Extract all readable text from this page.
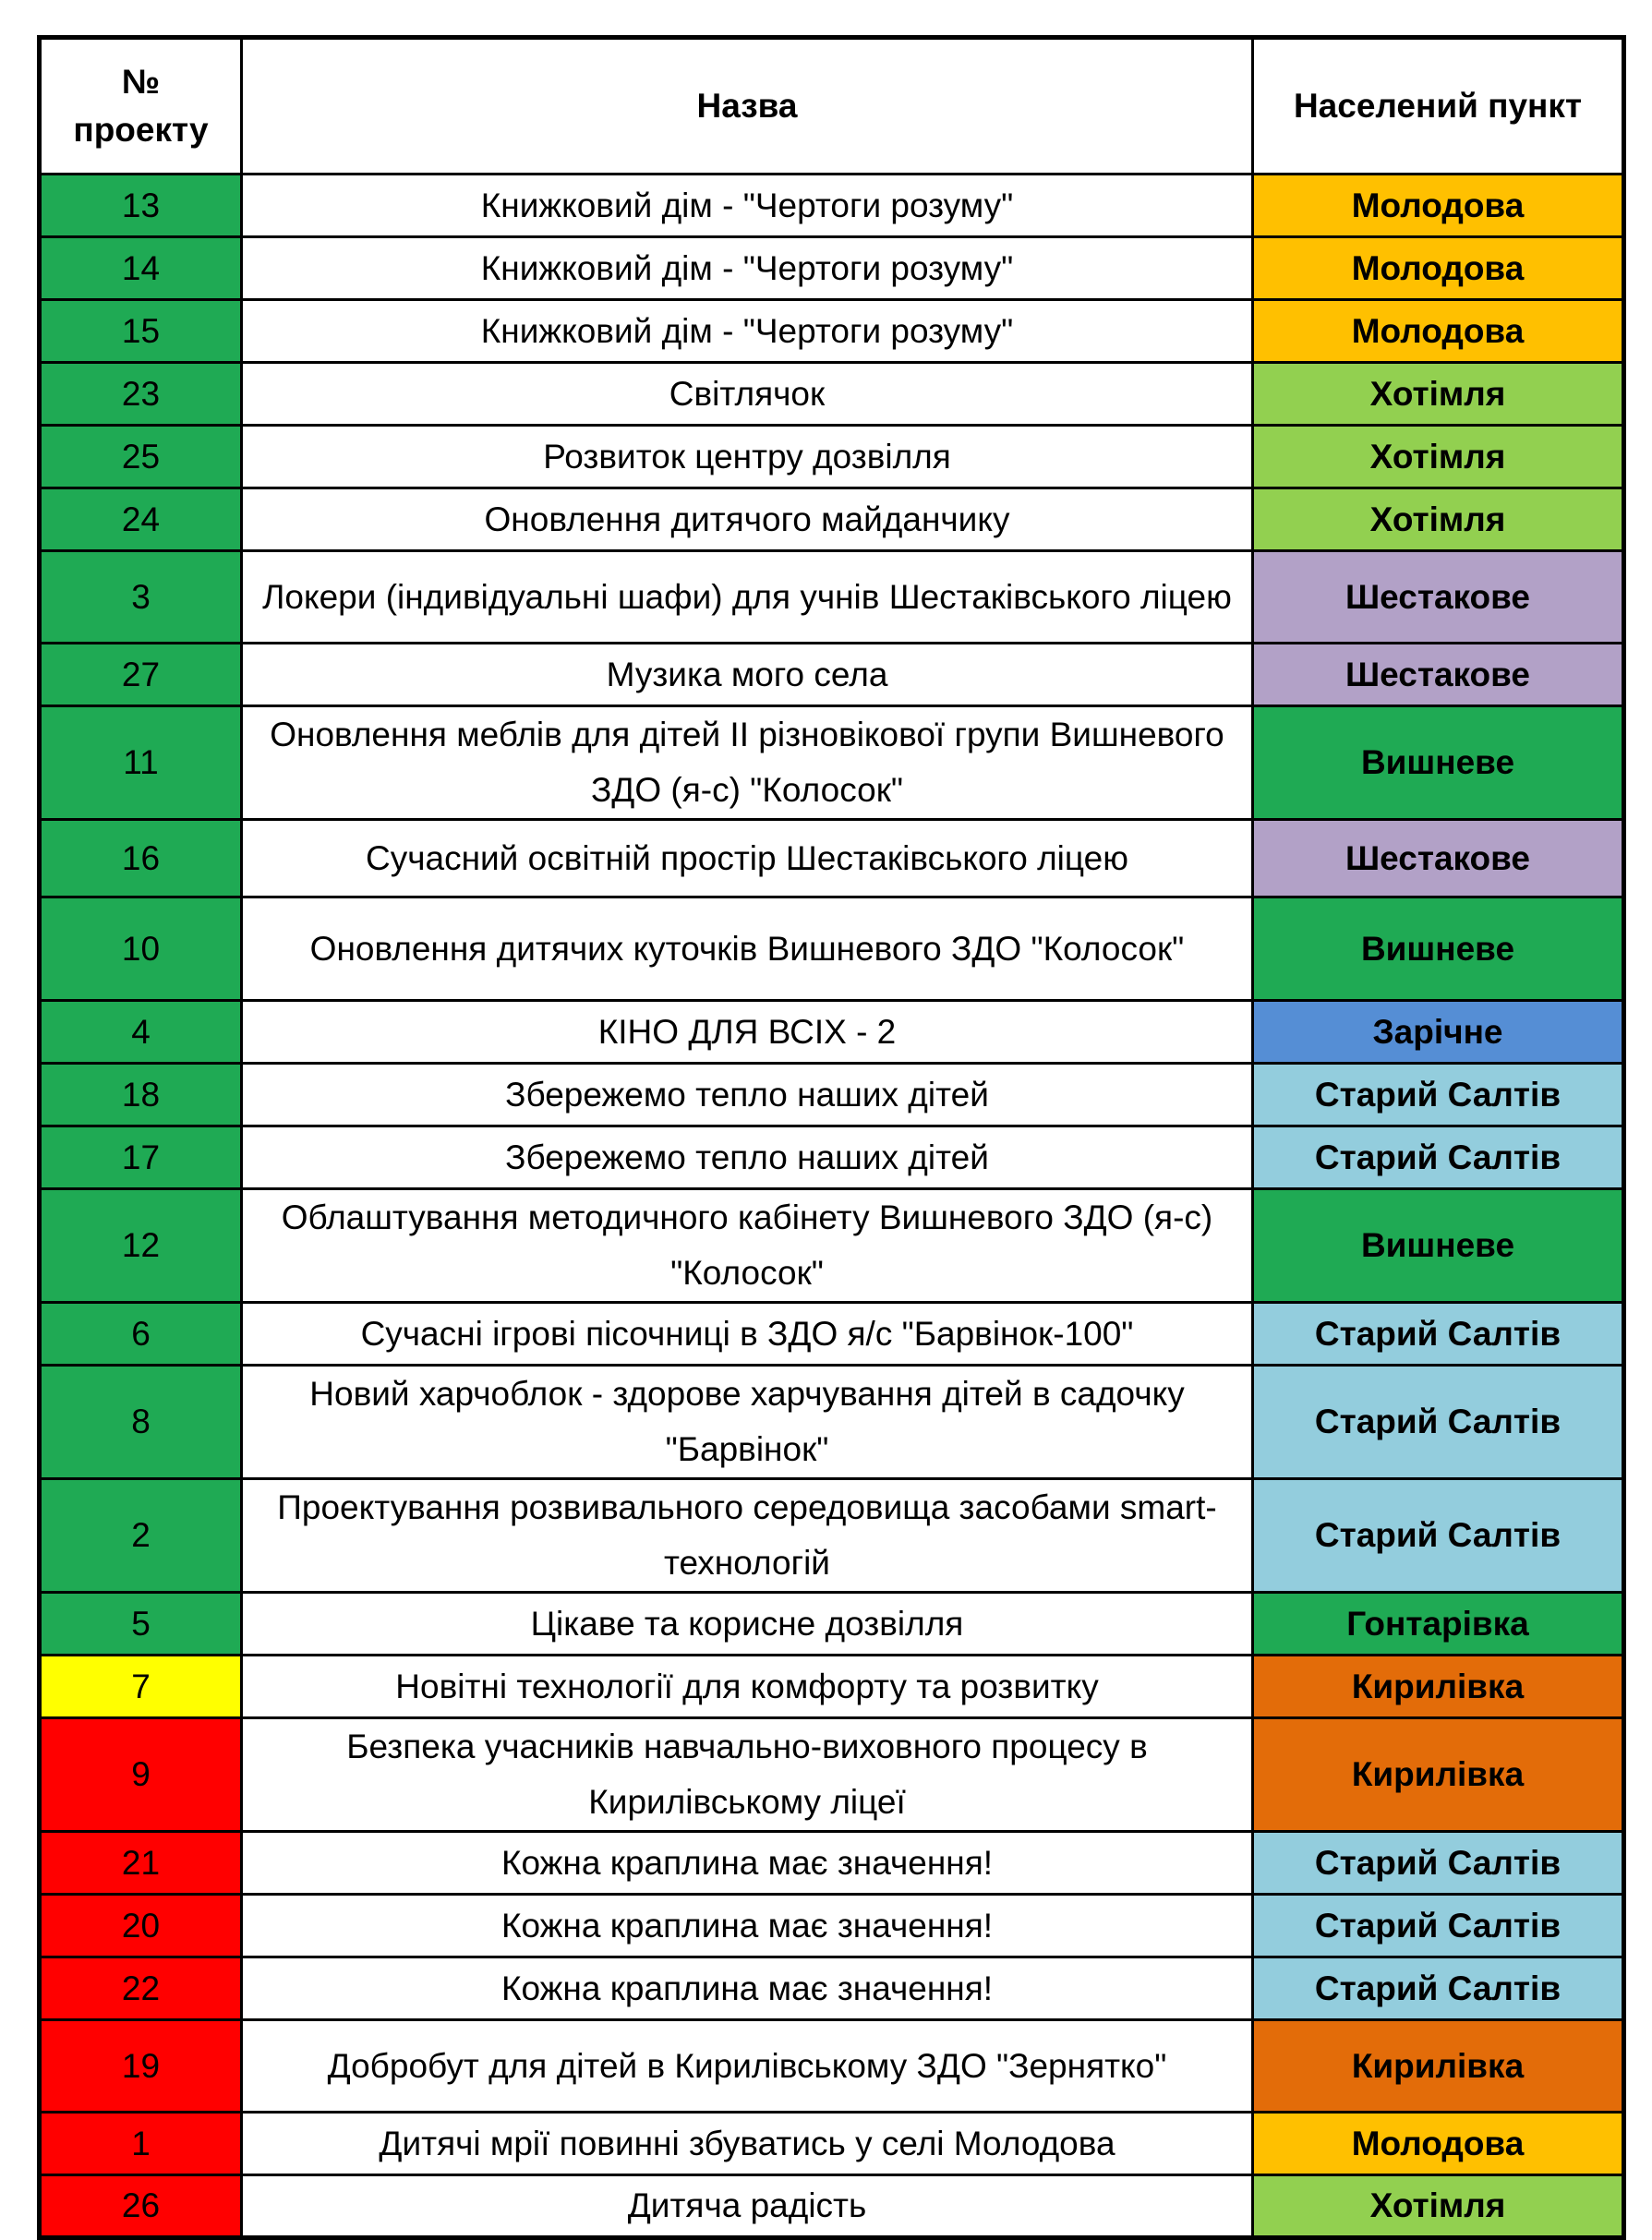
№ проекту	Назва	Населений пункт
13	Книжковий дім - "Чертоги розуму"	Молодова
14	Книжковий дім - "Чертоги розуму"	Молодова
15	Книжковий дім - "Чертоги розуму"	Молодова
23	Світлячок	Хотімля
25	Розвиток центру дозвілля	Хотімля
24	Оновлення дитячого майданчику	Хотімля
3	Локери (індивідуальні шафи) для учнів Шестаківського ліцею	Шестакове
27	Музика мого села	Шестакове
11	Оновлення меблів для дітей ІІ різновікової групи Вишневого ЗДО (я-с) "Колосок"	Вишневе
16	Сучасний освітній простір Шестаківського ліцею	Шестакове
10	Оновлення дитячих куточків Вишневого ЗДО "Колосок"	Вишневе
4	КІНО ДЛЯ ВСІХ - 2	Зарічне
18	Збережемо тепло наших дітей	Старий Салтів
17	Збережемо тепло наших дітей	Старий Салтів
12	Облаштування методичного кабінету Вишневого ЗДО (я-с) "Колосок"	Вишневе
6	Сучасні ігрові пісочниці в ЗДО я/с "Барвінок-100"	Старий Салтів
8	Новий харчоблок - здорове харчування дітей в садочку "Барвінок"	Старий Салтів
2	Проектування розвивального середовища засобами smart-технологій	Старий Салтів
5	Цікаве та корисне дозвілля	Гонтарівка
7	Новітні технології для комфорту та розвитку	Кирилівка
9	Безпека учасників навчально-виховного процесу в Кирилівському ліцеї	Кирилівка
21	Кожна краплина має значення!	Старий Салтів
20	Кожна краплина має значення!	Старий Салтів
22	Кожна краплина має значення!	Старий Салтів
19	Добробут для дітей в Кирилівському ЗДО "Зернятко"	Кирилівка
1	Дитячі мрії повинні збуватись у селі Молодова	Молодова
26	Дитяча радість	Хотімля
